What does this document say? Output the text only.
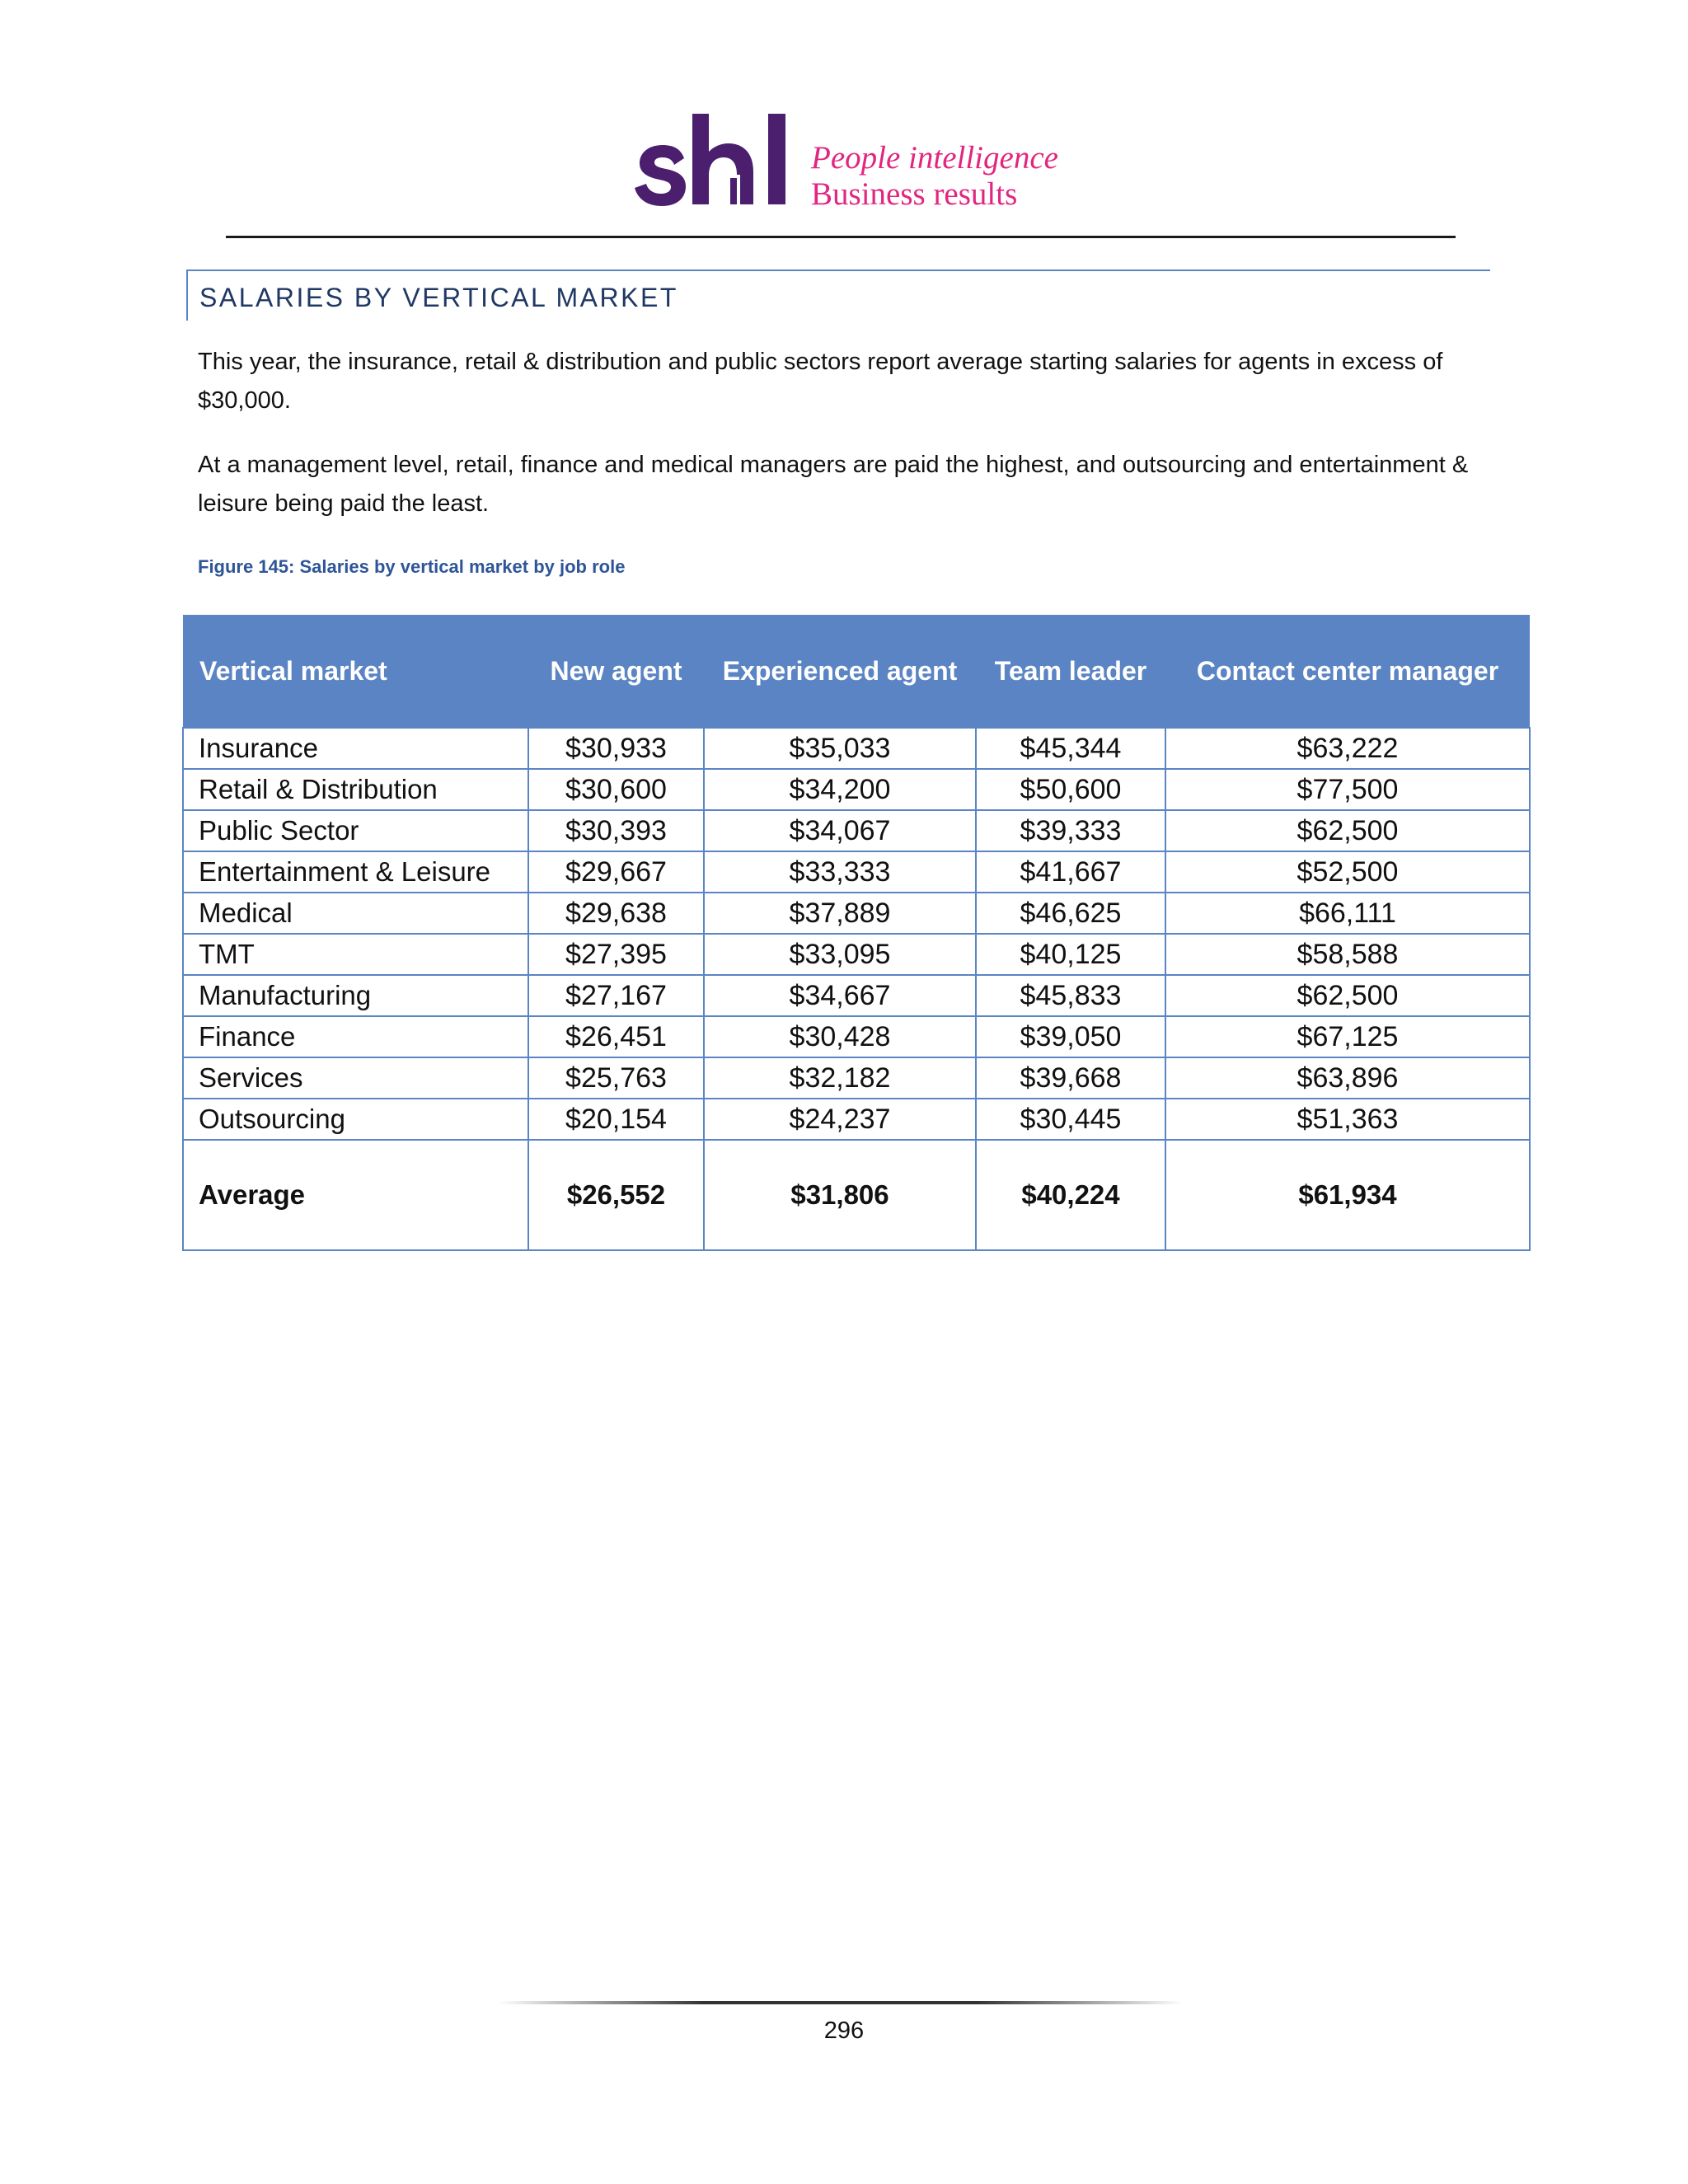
People intelligence
Business results
SALARIES BY VERTICAL MARKET
This year, the insurance, retail & distribution and public sectors report average starting salaries for agents in excess of $30,000.
At a management level, retail, finance and medical managers are paid the highest, and outsourcing and entertainment & leisure being paid the least.
Figure 145: Salaries by vertical market by job role
Vertical market	New agent	Experienced agent	Team leader	Contact center manager
Insurance	$30,933	$35,033	$45,344	$63,222
Retail & Distribution	$30,600	$34,200	$50,600	$77,500
Public Sector	$30,393	$34,067	$39,333	$62,500
Entertainment & Leisure	$29,667	$33,333	$41,667	$52,500
Medical	$29,638	$37,889	$46,625	$66,111
TMT	$27,395	$33,095	$40,125	$58,588
Manufacturing	$27,167	$34,667	$45,833	$62,500
Finance	$26,451	$30,428	$39,050	$67,125
Services	$25,763	$32,182	$39,668	$63,896
Outsourcing	$20,154	$24,237	$30,445	$51,363
Average	$26,552	$31,806	$40,224	$61,934
296
